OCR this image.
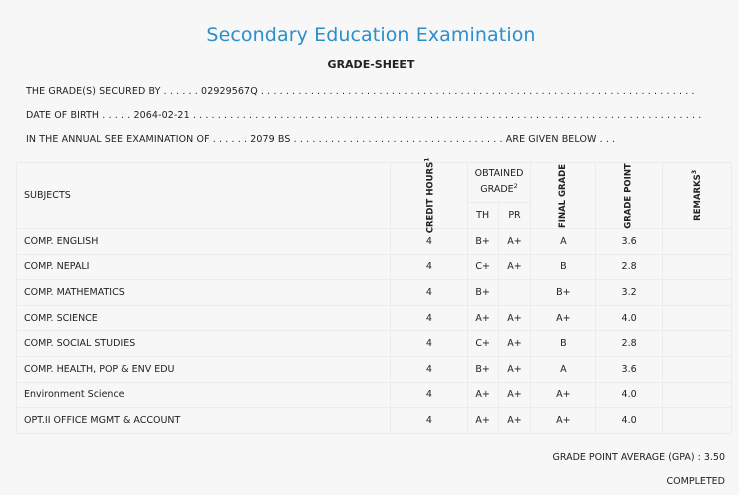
Secondary Education Examination
GRADE-SHEET
THE GRADE(S) SECURED BY . . . . . . 02929567Q . . . . . . . . . . . . . . . . . . . . . . . . . . . . . . . . . . . . . . . . . . . . . . . . . . . . . . . . . . . . . . . . . . . . . .
DATE OF BIRTH . . . . . 2064-02-21 . . . . . . . . . . . . . . . . . . . . . . . . . . . . . . . . . . . . . . . . . . . . . . . . . . . . . . . . . . . . . . . . . . . . . . . . . . . . . . . . . .
IN THE ANNUAL SEE EXAMINATION OF . . . . . . 2079 BS . . . . . . . . . . . . . . . . . . . . . . . . . . . . . . . . . . ARE GIVEN BELOW . . .
SUBJECTS	CREDIT HOURS$^1$	OBTAINED GRADE$^2$		FINAL GRADE	GRADE POINT	REMARKS$^3$
		TH	PR			
COMP. ENGLISH	4	B+	A+	A	3.6	
COMP. NEPALI	4	C+	A+	B	2.8	
COMP. MATHEMATICS	4	B+		B+	3.2	
COMP. SCIENCE	4	A+	A+	A+	4.0	
COMP. SOCIAL STUDIES	4	C+	A+	B	2.8	
COMP. HEALTH, POP & ENV EDU	4	B+	A+	A	3.6	
Environment Science	4	A+	A+	A+	4.0	
OPT.II OFFICE MGMT & ACCOUNT	4	A+	A+	A+	4.0	
GRADE POINT AVERAGE (GPA) : 3.50
COMPLETED
